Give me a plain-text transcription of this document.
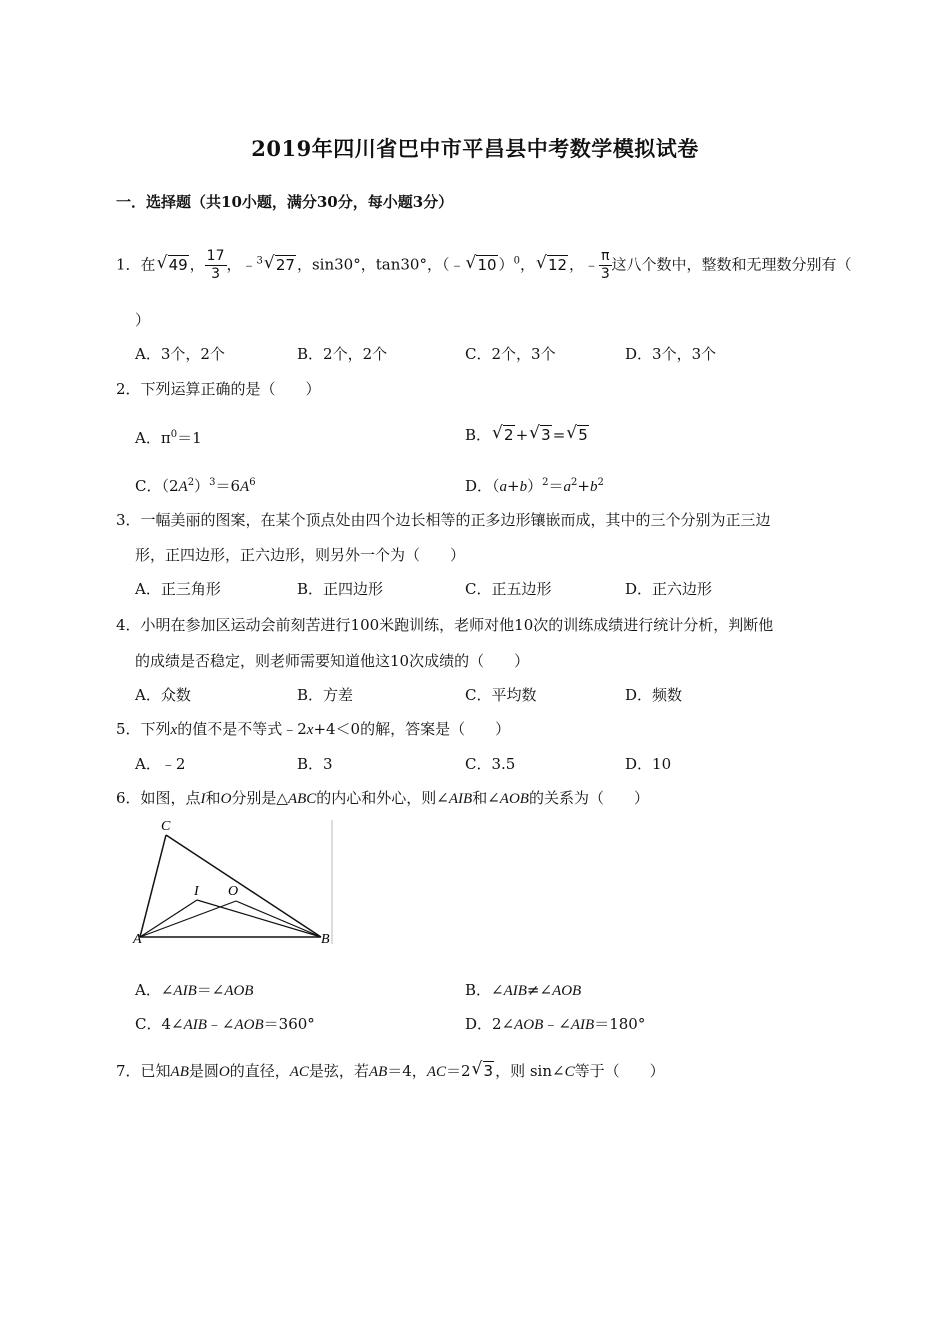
2019年四川省巴中市平昌县中考数学模拟试卷
一．选择题（共10小题，满分30分，每小题3分）
1．在 √ 49 ， $\frac{17}{3}$ ，﹣$^3$ √ 27 ，sin30°，tan30°，（﹣ √ 10 ）$^0$， √ 12 ，﹣ $\frac{\pi}{3}$ 这八个数中，整数和无理数分别有（
）
A．3个，2个	B．2个，2个	C．2个，3个	D．3个，3个
2．下列运算正确的是（　　）
A．$\pi^0=1$	B． √ 2 + √ 3 = √ 5
C．$(2A^2)^3=6A^6$	D．$(a+b)^2=a^2+b^2$
3．一幅美丽的图案，在某个顶点处由四个边长相等的正多边形镶嵌而成，其中的三个分别为正三边
形，正四边形，正六边形，则另外一个为（　　）
A．正三角形	B．正四边形	C．正五边形	D．正六边形
4．小明在参加区运动会前刻苦进行100米跑训练，老师对他10次的训练成绩进行统计分析，判断他
的成绩是否稳定，则老师需要知道他这10次成绩的（　　）
A．众数	B．方差	C．平均数	D．频数
5．下列x的值不是不等式﹣2x+4＜0的解，答案是（　　）
A．﹣2	B．3	C．3.5	D．10
6．如图，点I和O分别是△ABC的内心和外心，则∠AIB和∠AOB的关系为（　　）
C
I O
A	B
A．∠AIB＝∠AOB	B．∠AIB≠∠AOB
C．4∠AIB﹣∠AOB＝360°	D．2∠AOB﹣∠AIB＝180°
7．已知AB是圆O的直径，AC是弦，若AB＝4，AC＝2 √ 3 ，则 sin∠C等于（　　）
